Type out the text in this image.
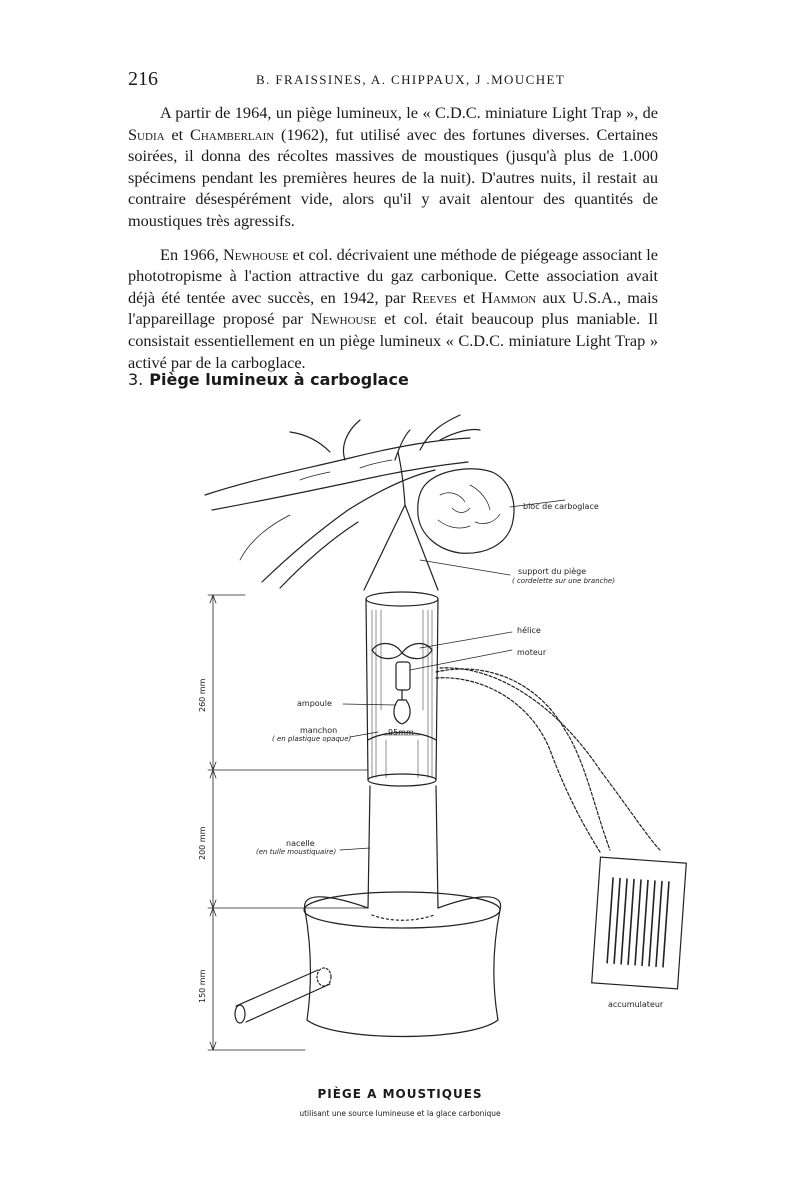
216	B. FRAISSINES, A. CHIPPAUX, J .MOUCHET

A partir de 1964, un piège lumineux, le « C.D.C. miniature Light Trap », de Sudia et Chamberlain (1962), fut utilisé avec des fortunes diverses. Certaines soirées, il donna des récoltes massives de moustiques (jusqu'à plus de 1.000 spécimens pendant les premières heures de la nuit). D'autres nuits, il restait au contraire désespérément vide, alors qu'il y avait alentour des quantités de moustiques très agressifs.

En 1966, Newhouse et col. décrivaient une méthode de piégeage associant le phototropisme à l'action attractive du gaz carbonique. Cette association avait déjà été tentée avec succès, en 1942, par Reeves et Hammon aux U.S.A., mais l'appareillage proposé par Newhouse et col. était beaucoup plus maniable. Il consistait essentiellement en un piège lumineux « C.D.C. miniature Light Trap » activé par de la carboglace.

3. Piège lumineux à carboglace
bloc de carboglace
support du piège
( cordelette sur une branche)
hélice
moteur
ampoule
manchon
( en plastique opaque)
95mm
nacelle
(en tulle moustiquaire)
accumulateur
260 mm
200 mm
150 mm
PIÈGE A MOUSTIQUES
utilisant une source lumineuse et la glace carbonique
